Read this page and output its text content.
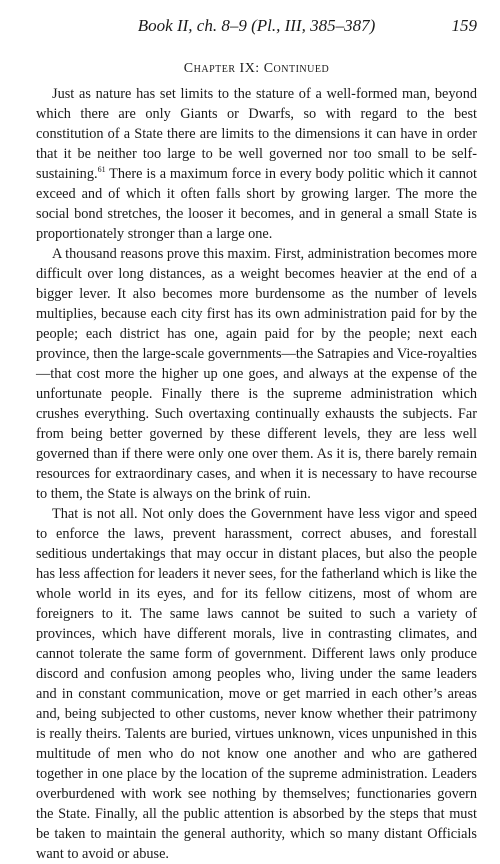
Book II, ch. 8–9 (Pl., III, 385–387)	159
Chapter IX: Continued

Just as nature has set limits to the stature of a well-formed man, beyond which there are only Giants or Dwarfs, so with regard to the best constitution of a State there are limits to the dimensions it can have in order that it be neither too large to be well governed nor too small to be self-sustaining.$^{61}$ There is a maximum force in every body politic which it cannot exceed and of which it often falls short by growing larger. The more the social bond stretches, the looser it becomes, and in general a small State is proportionately stronger than a large one.

A thousand reasons prove this maxim. First, administration becomes more difficult over long distances, as a weight becomes heavier at the end of a bigger lever. It also becomes more burdensome as the number of levels multiplies, because each city first has its own administration paid for by the people; each district has one, again paid for by the people; next each province, then the large-scale governments—the Satrapies and Vice-royalties—that cost more the higher up one goes, and always at the expense of the unfortunate people. Finally there is the supreme administration which crushes everything. Such overtaxing continually exhausts the subjects. Far from being better governed by these different levels, they are less well governed than if there were only one over them. As it is, there barely remain resources for extraordinary cases, and when it is necessary to have recourse to them, the State is always on the brink of ruin.

That is not all. Not only does the Government have less vigor and speed to enforce the laws, prevent harassment, correct abuses, and forestall seditious undertakings that may occur in distant places, but also the people has less affection for leaders it never sees, for the fatherland which is like the whole world in its eyes, and for its fellow citizens, most of whom are foreigners to it. The same laws cannot be suited to such a variety of provinces, which have different morals, live in contrasting climates, and cannot tolerate the same form of government. Different laws only produce discord and confusion among peoples who, living under the same leaders and in constant communication, move or get married in each other’s areas and, being subjected to other customs, never know whether their patrimony is really theirs. Talents are buried, virtues unknown, vices unpunished in this multitude of men who do not know one another and who are gathered together in one place by the location of the supreme administration. Leaders overburdened with work see nothing by themselves; functionaries govern the State. Finally, all the public attention is absorbed by the steps that must be taken to maintain the general authority, which so many distant Officials want to avoid or abuse.
